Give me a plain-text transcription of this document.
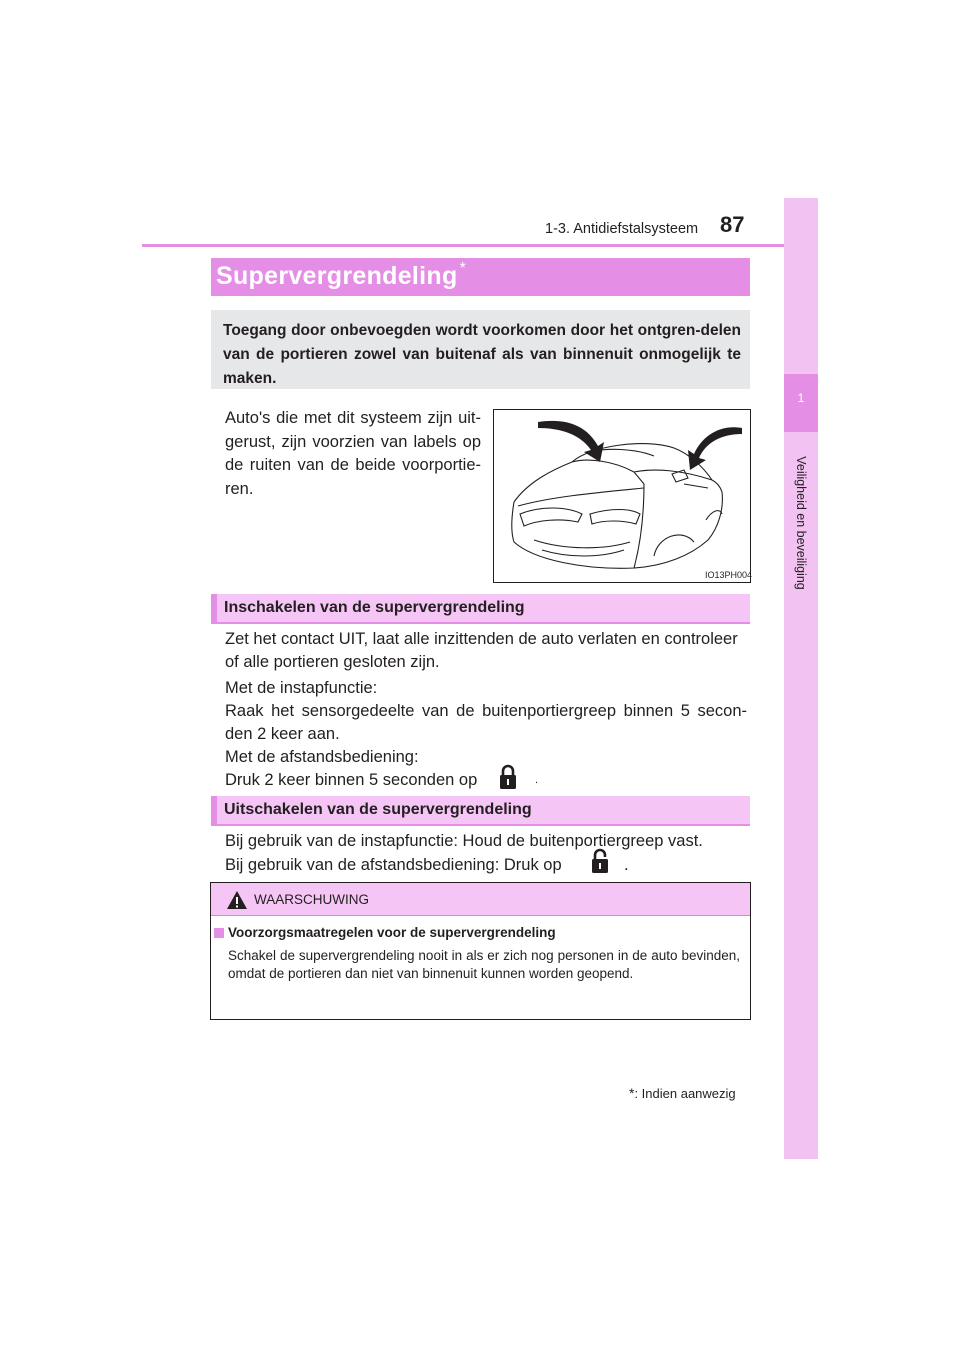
1-3. Antidiefstalsysteem 87
1
Veiligheid en beveiliging
Supervergrendeling *
Toegang door onbevoegden wordt voorkomen door het ontgren-delen van de portieren zowel van buitenaf als van binnenuit onmogelijk te maken.
Auto's die met dit systeem zijn uit-gerust, zijn voorzien van labels op de ruiten van de beide voorportie-ren.
IO13PH004
Inschakelen van de supervergrendeling
Zet het contact UIT, laat alle inzittenden de auto verlaten en controleer of alle portieren gesloten zijn.
Met de instapfunctie:
Raak het sensorgedeelte van de buitenportiergreep binnen 5 secon-den 2 keer aan.
Met de afstandsbediening:
Druk 2 keer binnen 5 seconden op	.
Uitschakelen van de supervergrendeling
Bij gebruik van de instapfunctie: Houd de buitenportiergreep vast.
Bij gebruik van de afstandsbediening: Druk op	.
WAARSCHUWING
Voorzorgsmaatregelen voor de supervergrendeling
Schakel de supervergrendeling nooit in als er zich nog personen in de auto bevinden, omdat de portieren dan niet van binnenuit kunnen worden geopend.
*: Indien aanwezig
